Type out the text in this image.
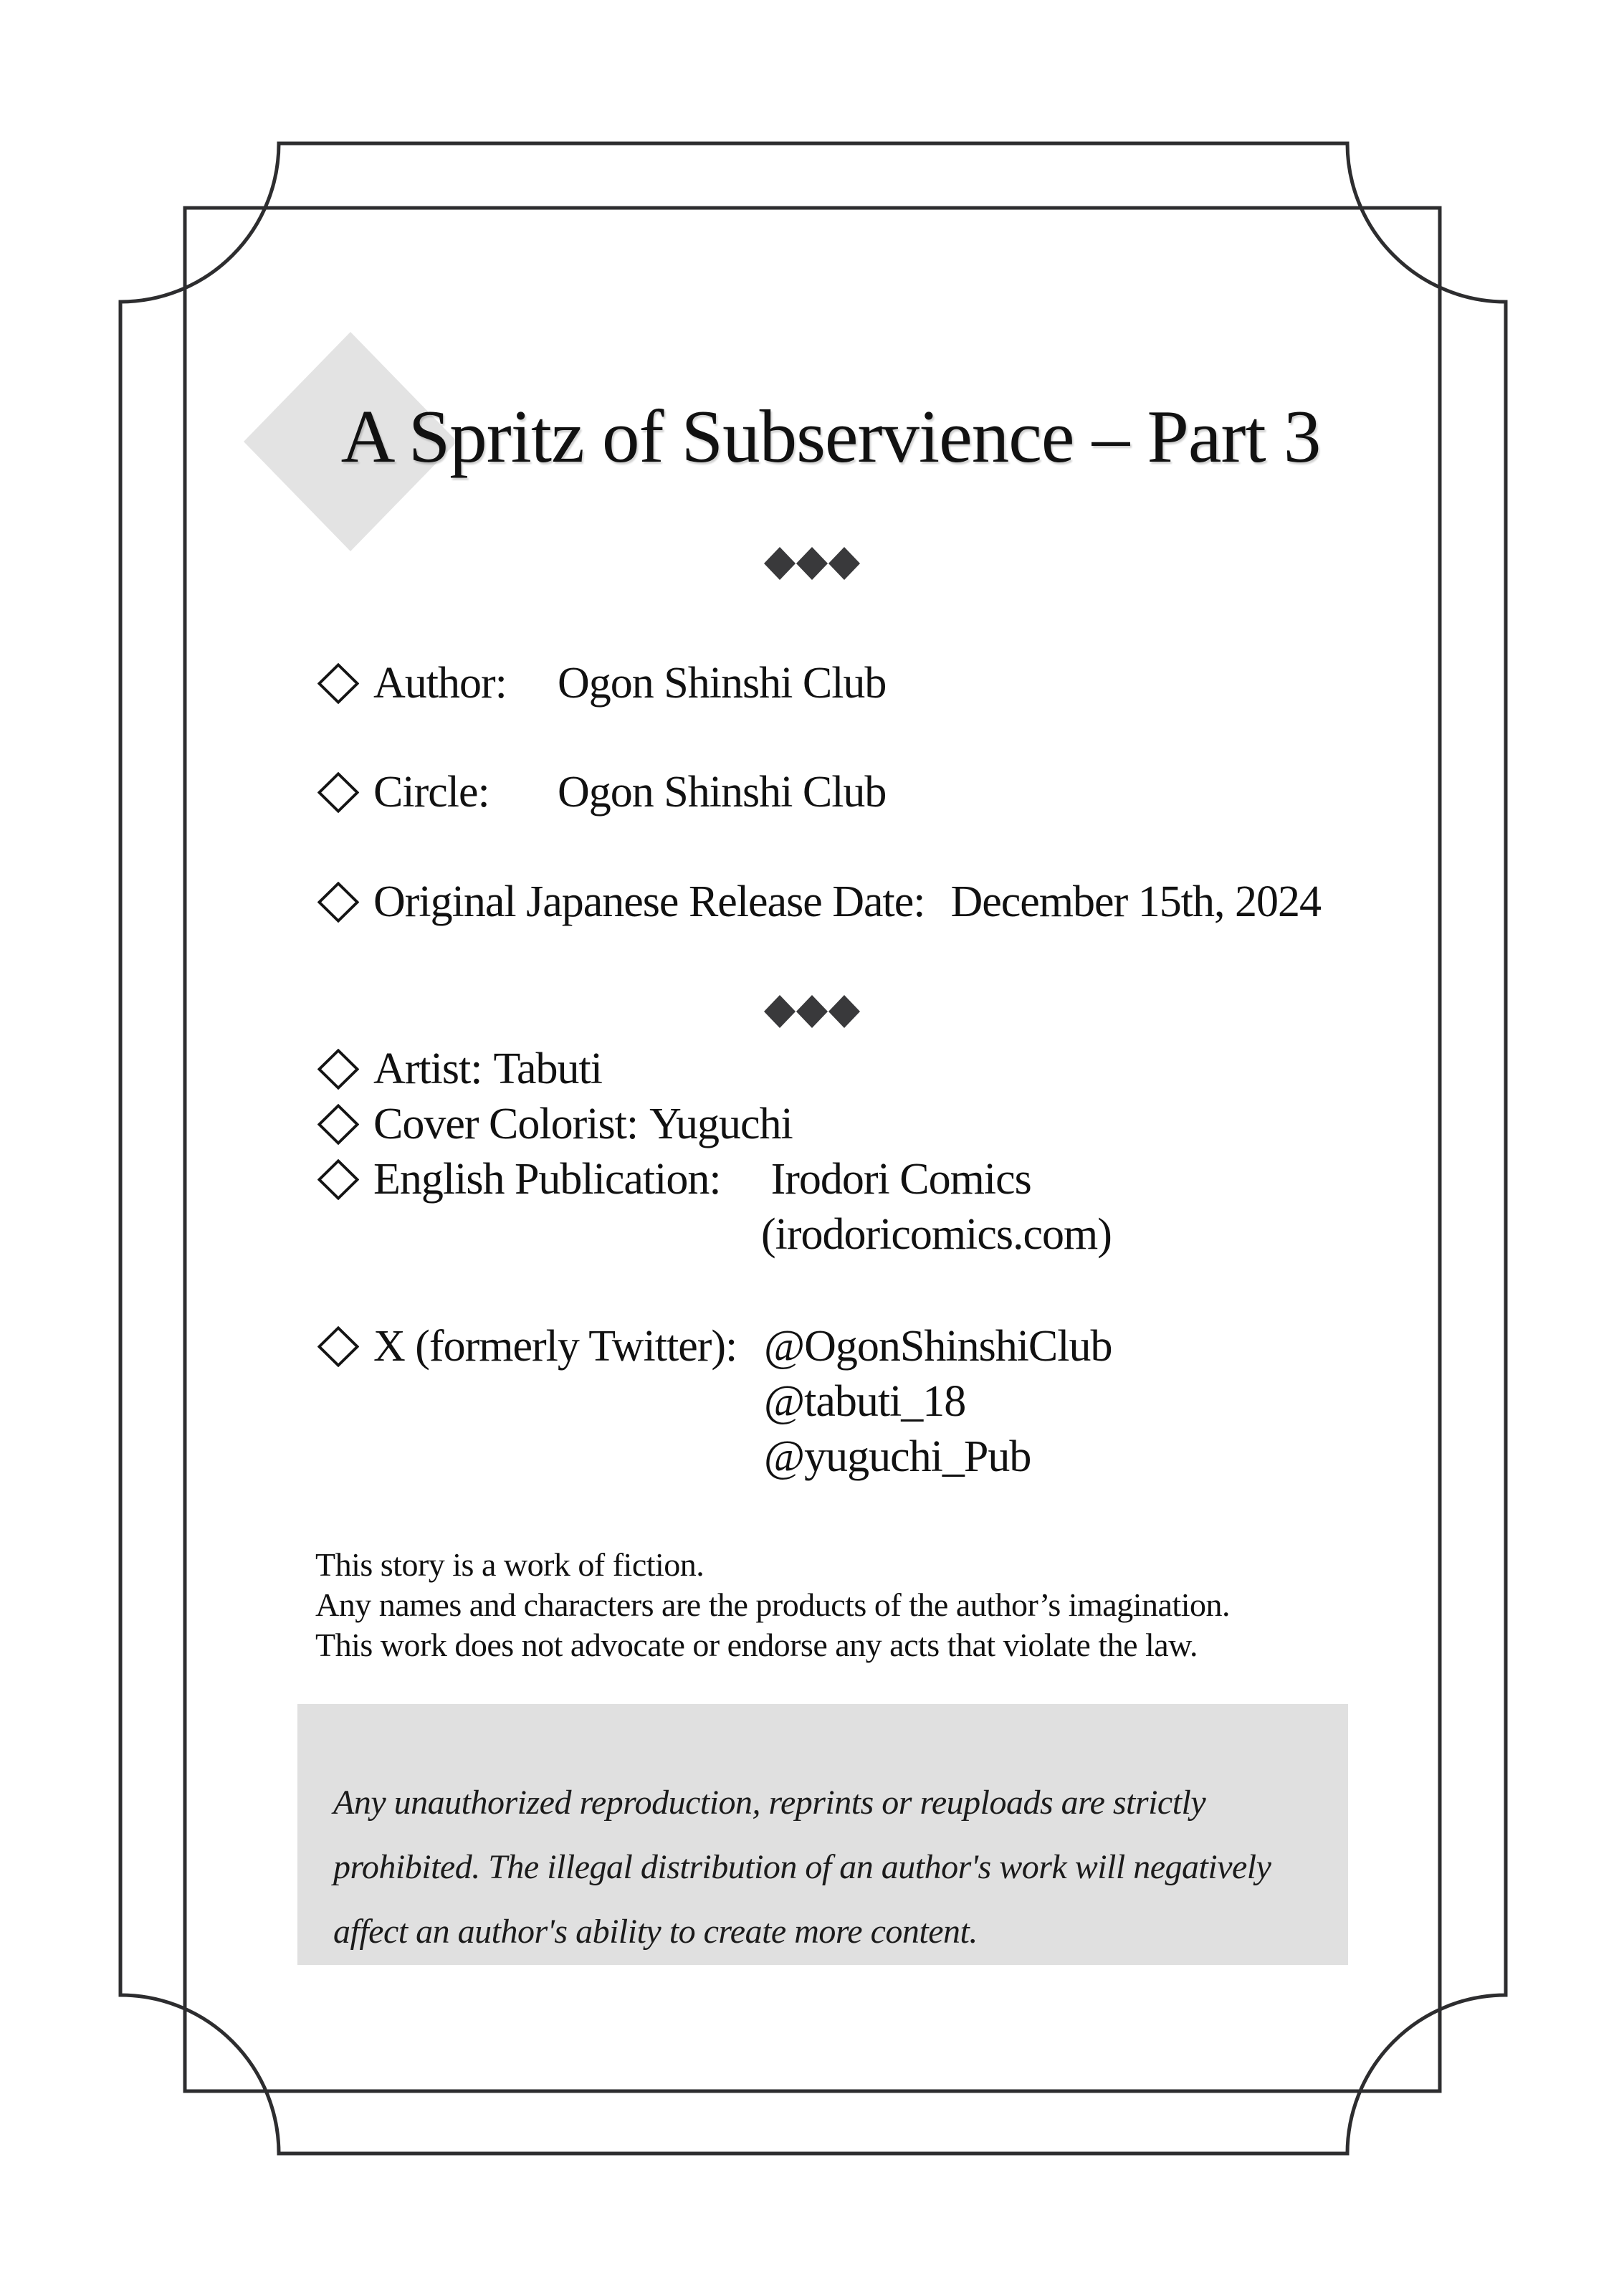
A Spritz of Subservience – Part 3
Author:	Ogon Shinshi Club
Circle:	Ogon Shinshi Club
Original Japanese Release Date: December 15th, 2024
Artist: Tabuti
Cover Colorist: Yuguchi
English Publication: Irodori Comics
(irodoricomics.com)
X (formerly Twitter): @OgonShinshiClub
@tabuti_18
@yuguchi_Pub
This story is a work of fiction.
Any names and characters are the products of the author’s imagination.
This work does not advocate or endorse any acts that violate the law.
Any unauthorized reproduction, reprints or reuploads are strictly
prohibited. The illegal distribution of an author's work will negatively
affect an author's ability to create more content.
